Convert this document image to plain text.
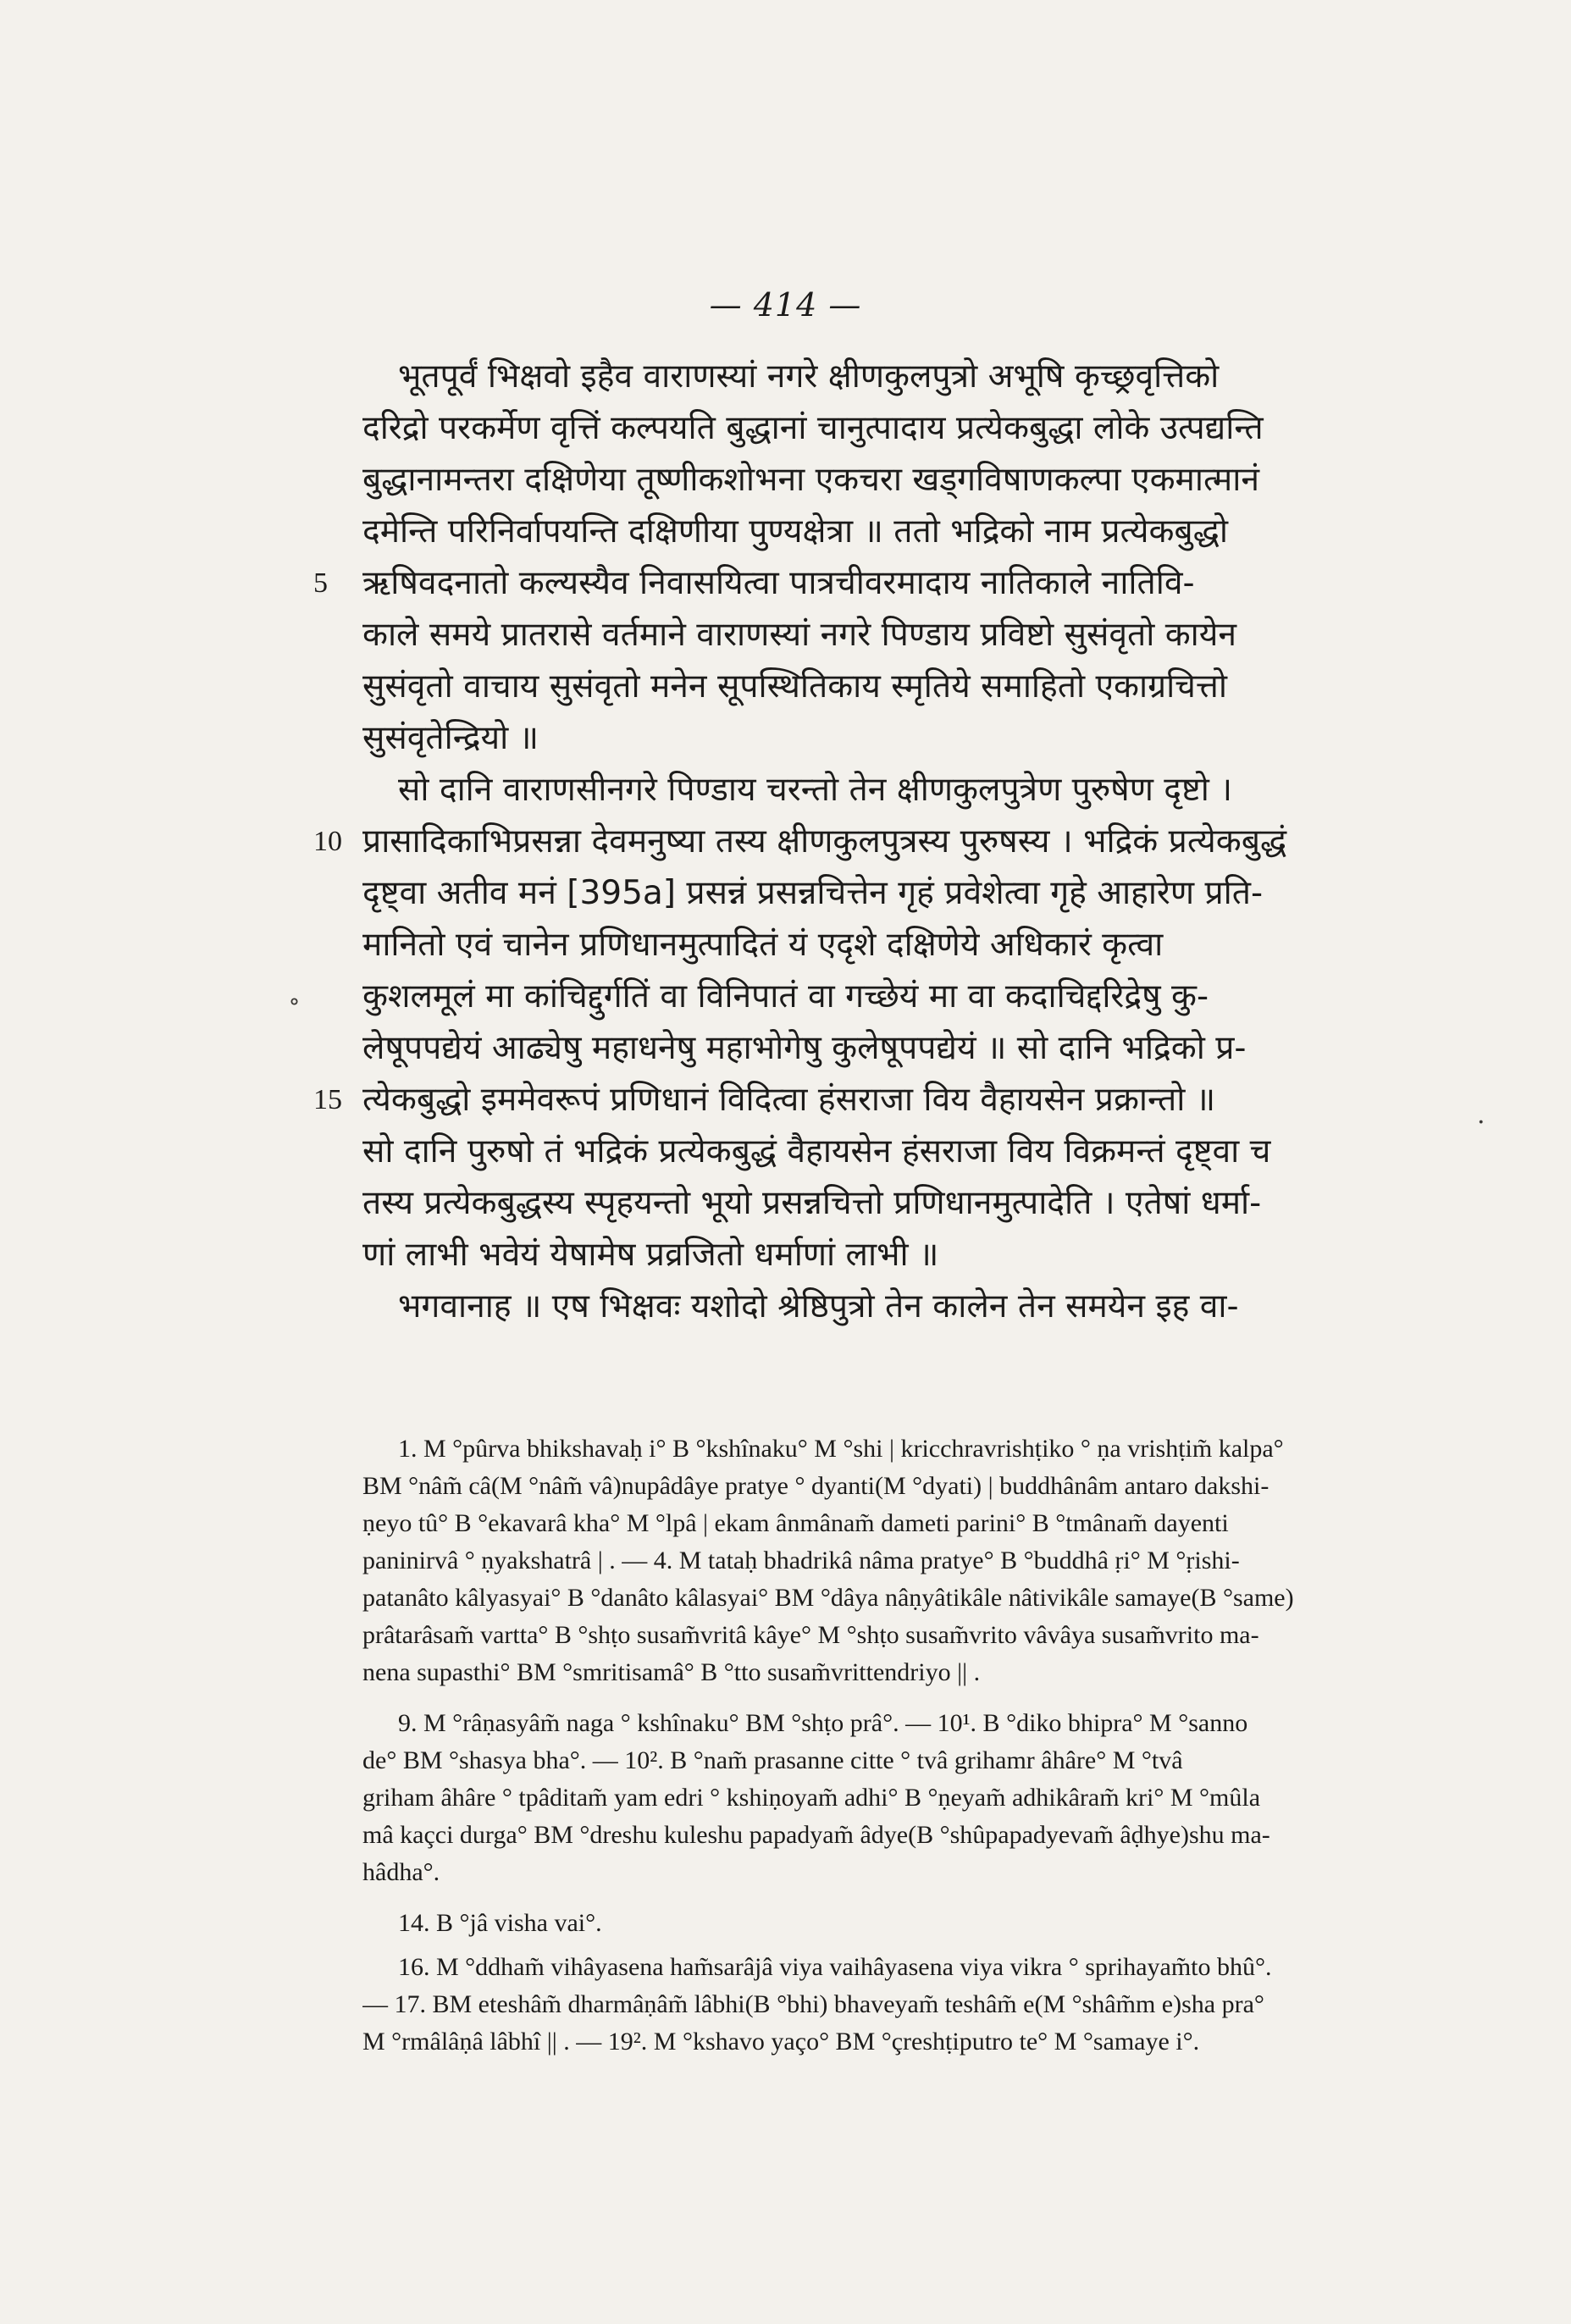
— 414 —
भूतपूर्वं भिक्षवो इहैव वाराणस्यां नगरे क्षीणकुलपुत्रो अभूषि कृच्छ्रवृत्तिको
दरिद्रो परकर्मेण वृत्तिं कल्पयति बुद्धानां चानुत्पादाय प्रत्येकबुद्धा लोके उत्पद्यन्ति
बुद्धानामन्तरा दक्षिणेया तूष्णीकशोभना एकचरा खड्गविषाणकल्पा एकमात्मानं
दमेन्ति परिनिर्वापयन्ति दक्षिणीया पुण्यक्षेत्रा ॥ ततो भद्रिको नाम प्रत्येकबुद्धो
5	ऋषिवदनातो कल्यस्यैव निवासयित्वा पात्रचीवरमादाय नातिकाले नातिवि-
काले समये प्रातरासे वर्तमाने वाराणस्यां नगरे पिण्डाय प्रविष्टो सुसंवृतो कायेन
सुसंवृतो वाचाय सुसंवृतो मनेन सूपस्थितिकाय स्मृतिये समाहितो एकाग्रचित्तो
सुसंवृतेन्द्रियो ॥
सो दानि वाराणसीनगरे पिण्डाय चरन्तो तेन क्षीणकुलपुत्रेण पुरुषेण दृष्टो ।
10 प्रासादिकाभिप्रसन्ना देवमनुष्या तस्य क्षीणकुलपुत्रस्य पुरुषस्य । भद्रिकं प्रत्येकबुद्धं
दृष्ट्वा अतीव मनं [395a] प्रसन्नं प्रसन्नचित्तेन गृहं प्रवेशेत्वा गृहे आहारेण प्रति-
मानितो एवं चानेन प्रणिधानमुत्पादितं यं एदृशे दक्षिणेये अधिकारं कृत्वा
कुशलमूलं मा कांचिद्दुर्गतिं वा विनिपातं वा गच्छेयं मा वा कदाचिद्दरिद्रेषु कु-
लेषूपपद्येयं आढ्येषु महाधनेषु महाभोगेषु कुलेषूपपद्येयं ॥ सो दानि भद्रिको प्र-
15 त्येकबुद्धो इममेवरूपं प्रणिधानं विदित्वा हंसराजा विय वैहायसेन प्रक्रान्तो ॥
सो दानि पुरुषो तं भद्रिकं प्रत्येकबुद्धं वैहायसेन हंसराजा विय विक्रमन्तं दृष्ट्वा च
तस्य प्रत्येकबुद्धस्य स्पृहयन्तो भूयो प्रसन्नचित्तो प्रणिधानमुत्पादेति । एतेषां धर्मा-
णां लाभी भवेयं येषामेष प्रव्रजितो धर्माणां लाभी ॥
भगवानाह ॥ एष भिक्षवः यशोदो श्रेष्ठिपुत्रो तेन कालेन तेन समयेन इह वा-
˚
·
1. M °pûrva bhikshavaḥ i° B °kshînaku° M °shi | kricchravrishṭiko ° ṇa vrishṭim̃ kalpa°
BM °nâm̃ câ(M °nâm̃ vâ)nupâdâye pratye ° dyanti(M °dyati) | buddhânâm antaro dakshi-
ṇeyo tû° B °ekavarâ kha° M °lpâ | ekam ânmânam̃ dameti parini° B °tmânam̃ dayenti
paninirvâ ° ṇyakshatrâ | . — 4. M tataḥ bhadrikâ nâma pratye° B °buddhâ ṛi° M °ṛishi-
patanâto kâlyasyai° B °danâto kâlasyai° BM °dâya nâṇyâtikâle nâtivikâle samaye(B °same)
prâtarâsam̃ vartta° B °shṭo susam̃vritâ kâye° M °shṭo susam̃vrito vâvâya susam̃vrito ma-
nena supasthi° BM °smritisamâ° B °tto susam̃vrittendriyo || .
9. M °râṇasyâm̃ naga ° kshînaku° BM °shṭo prâ°. — 10¹. B °diko bhipra° M °sanno
de° BM °shasya bha°. — 10². B °nam̃ prasanne citte ° tvâ grihamr âhâre° M °tvâ
griham âhâre ° tpâditam̃ yam edri ° kshiṇoyam̃ adhi° B °ṇeyam̃ adhikâram̃ kri° M °mûla
mâ kaçci durga° BM °dreshu kuleshu papadyam̃ âdye(B °shûpapadyevam̃ âḍhye)shu ma-
hâdha°.
14. B °jâ visha vai°.
16. M °ddham̃ vihâyasena ham̃sarâjâ viya vaihâyasena viya vikra ° sprihayam̃to bhû°.
— 17. BM eteshâm̃ dharmâṇâm̃ lâbhi(B °bhi) bhaveyam̃ teshâm̃ e(M °shâm̃m e)sha pra°
M °rmâlâṇâ lâbhî || . — 19². M °kshavo yaço° BM °çreshṭiputro te° M °samaye i°.
